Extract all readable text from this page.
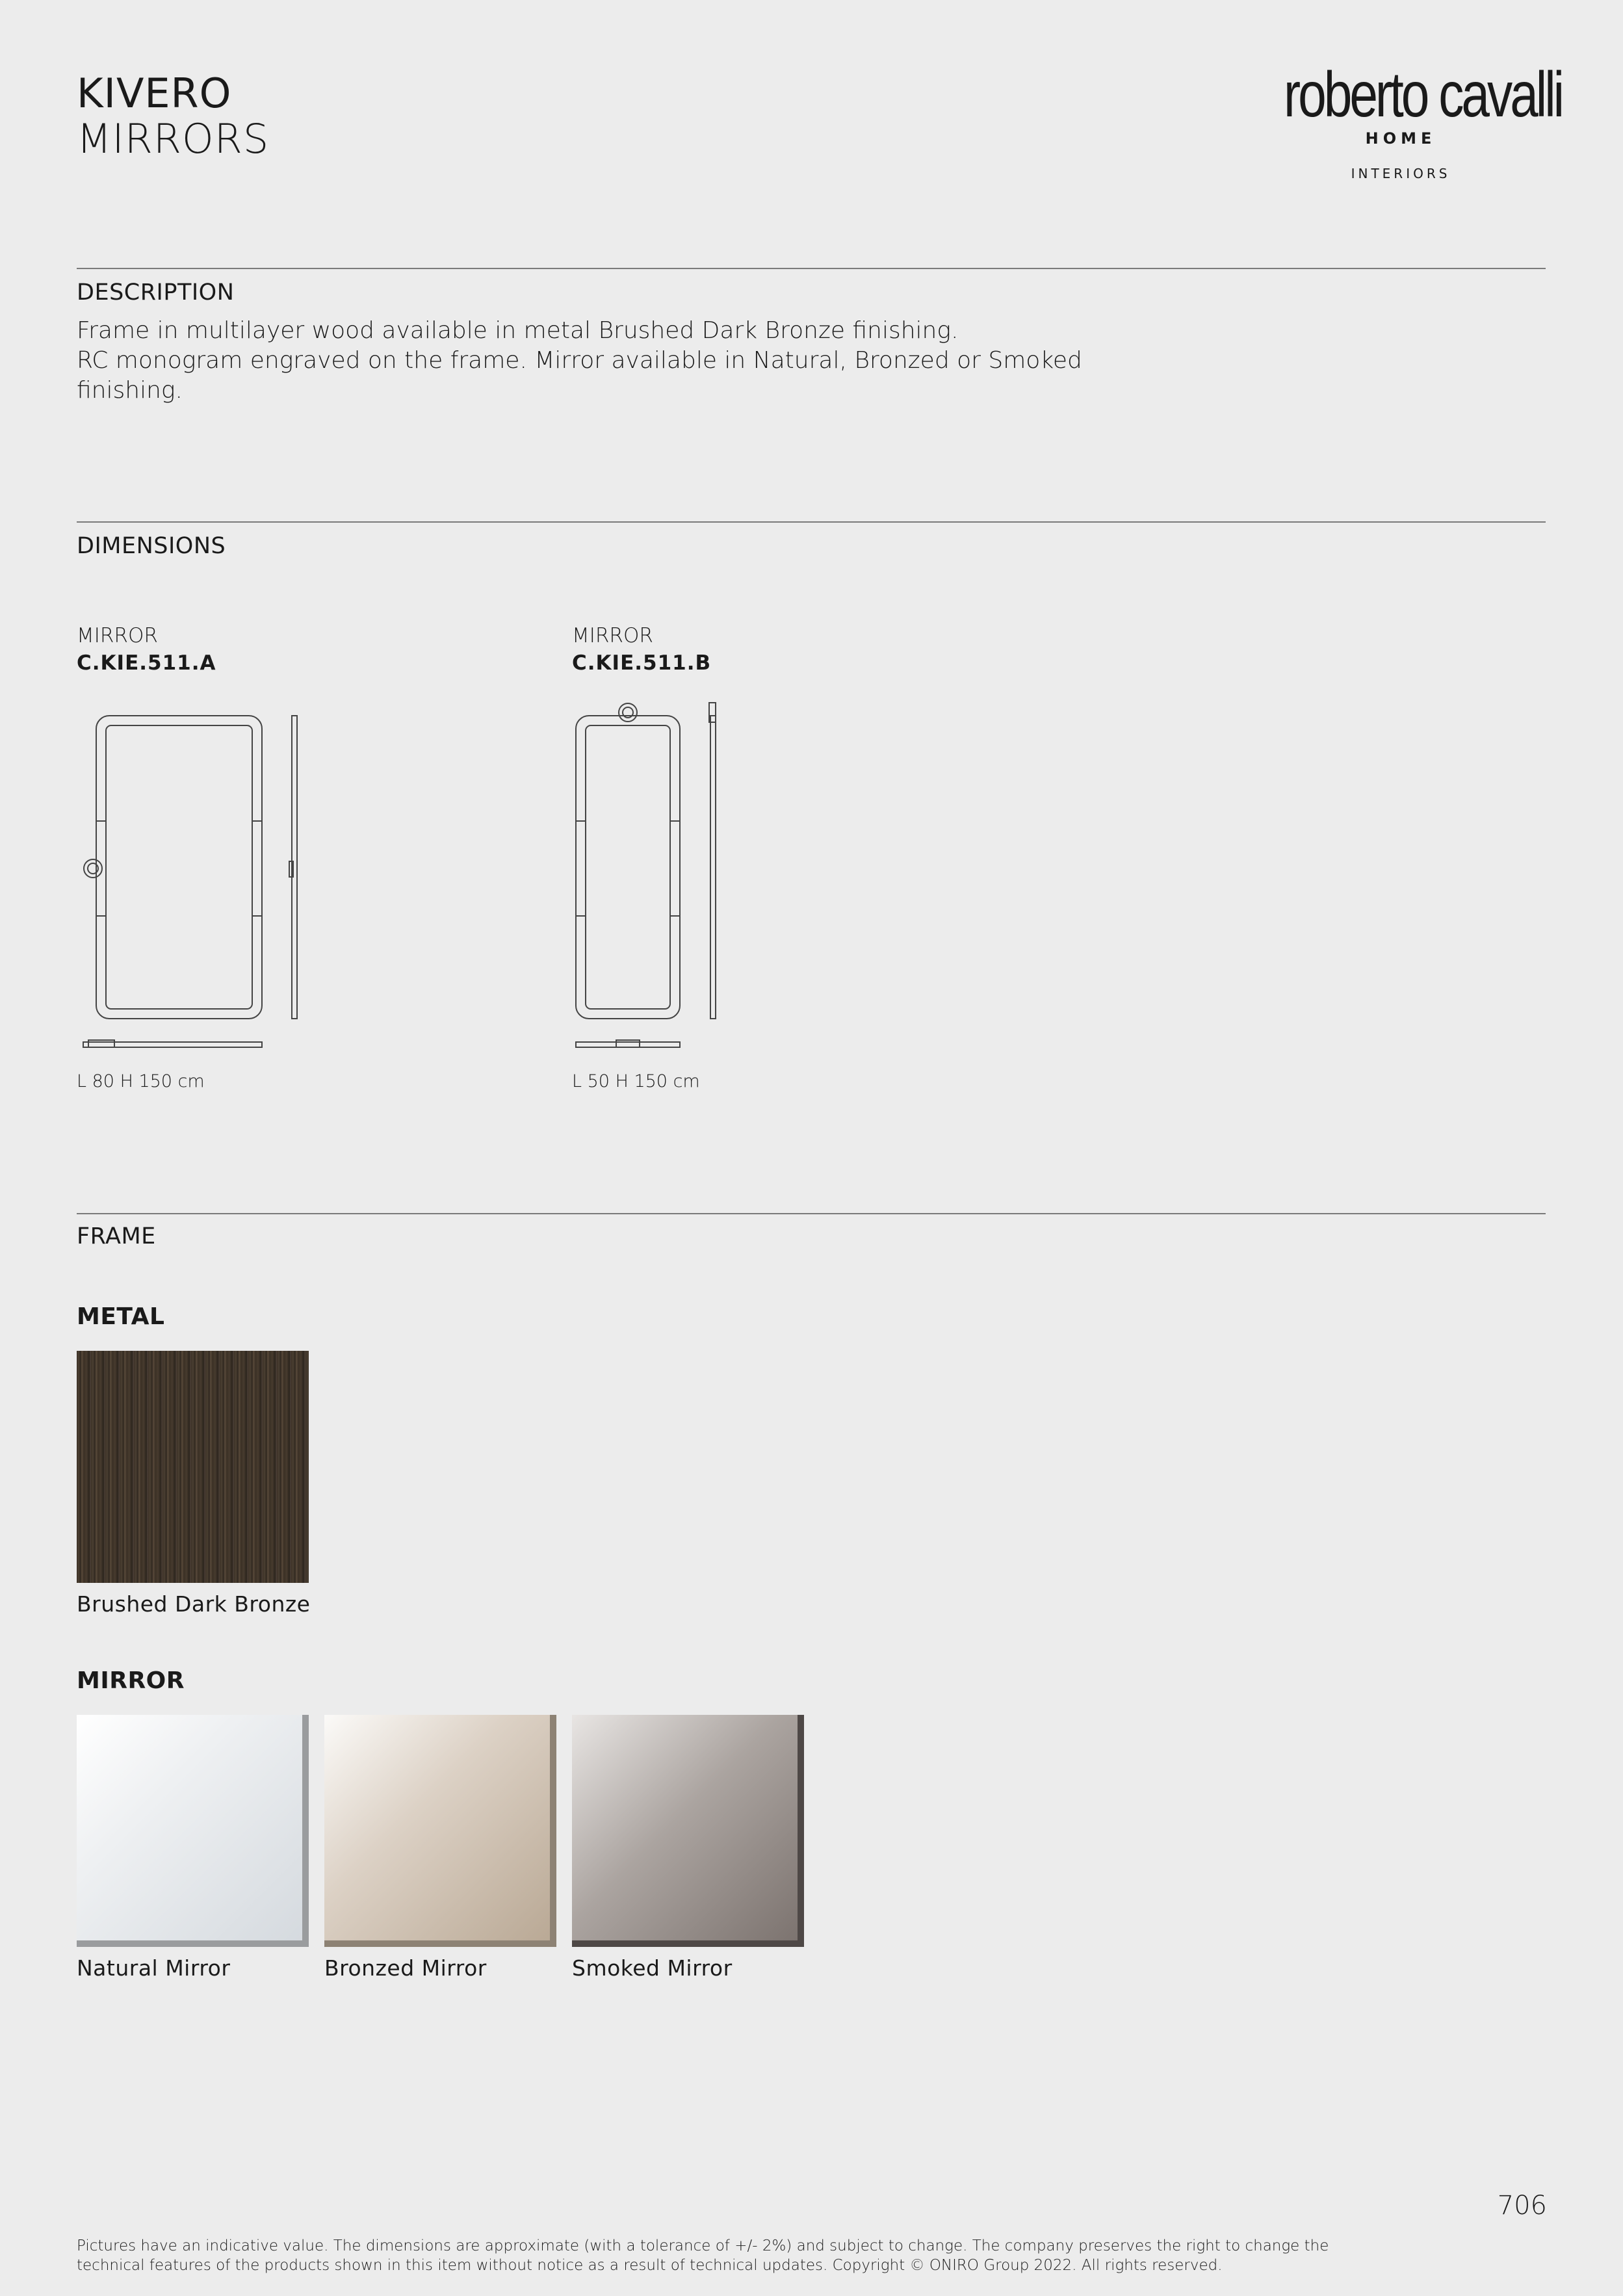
KIVERO
MIRRORS
roberto cavalli
HOME
INTERIORS
DESCRIPTION
Frame in multilayer wood available in metal Brushed Dark Bronze finishing.
RC monogram engraved on the frame. Mirror available in Natural, Bronzed or Smoked
finishing.
DIMENSIONS
MIRROR
C.KIE.511.A
L 80 H 150 cm
MIRROR
C.KIE.511.B
L 50 H 150 cm
FRAME
METAL
Brushed Dark Bronze
MIRROR
Natural Mirror	Bronzed Mirror	Smoked Mirror
706
Pictures have an indicative value. The dimensions are approximate (with a tolerance of +/- 2%) and subject to change. The company preserves the right to change the
technical features of the products shown in this item without notice as a result of technical updates. Copyright © ONIRO Group 2022. All rights reserved.
